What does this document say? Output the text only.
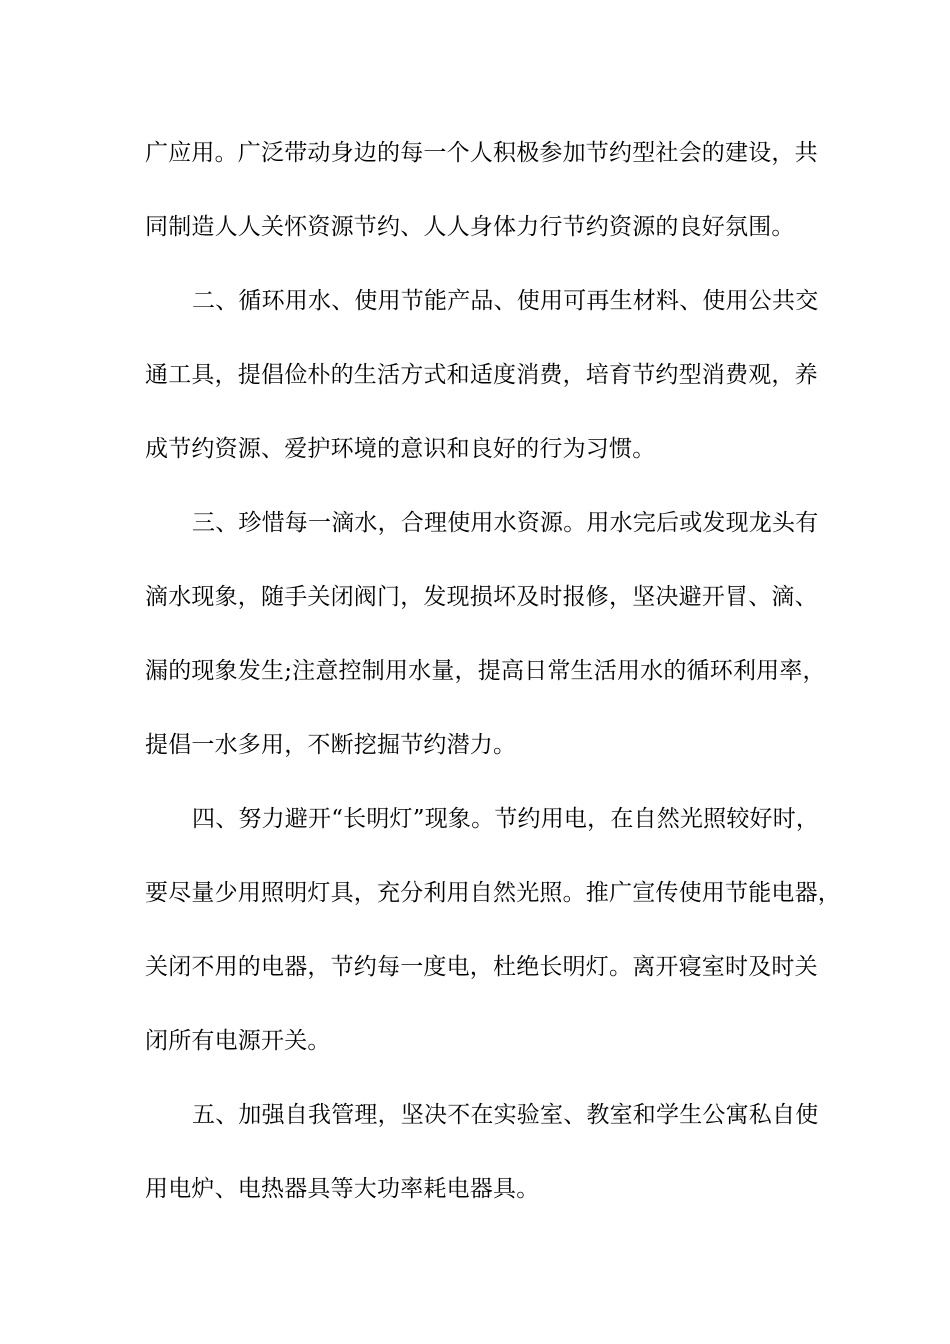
广应用。广泛带动身边的每一个人积极参加节约型社会的建设，共

同制造人人关怀资源节约、人人身体力行节约资源的良好氛围。

二、循环用水、使用节能产品、使用可再生材料、使用公共交

通工具，提倡俭朴的生活方式和适度消费，培育节约型消费观，养

成节约资源、爱护环境的意识和良好的行为习惯。

三、珍惜每一滴水，合理使用水资源。用水完后或发现龙头有

滴水现象，随手关闭阀门，发现损坏及时报修，坚决避开冒、滴、

漏的现象发生;注意控制用水量，提高日常生活用水的循环利用率，

提倡一水多用，不断挖掘节约潜力。

四、努力避开“长明灯”现象。节约用电，在自然光照较好时，

要尽量少用照明灯具，充分利用自然光照。推广宣传使用节能电器，

关闭不用的电器，节约每一度电，杜绝长明灯。离开寝室时及时关

闭所有电源开关。

五、加强自我管理，坚决不在实验室、教室和学生公寓私自使

用电炉、电热器具等大功率耗电器具。
